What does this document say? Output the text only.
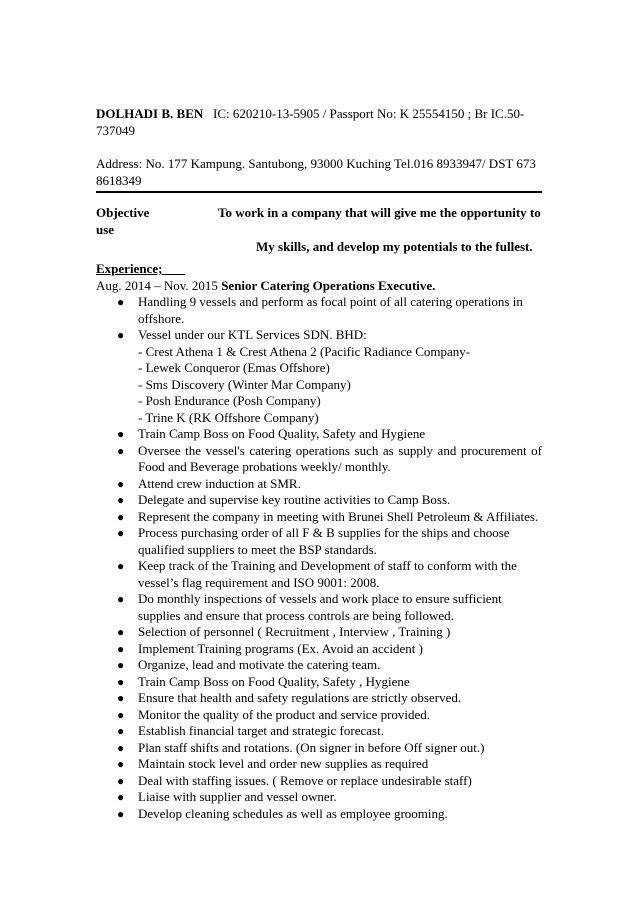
DOLHADI B. BEN IC: 620210-13-5905 / Passport No: K 25554150 ; Br IC.50-737049

Address: No. 177 Kampung. Santubong, 93000 Kuching Tel.016 8933947/ DST 673 8618349

Objective	To work in a company that will give me the opportunity to
use
My skills, and develop my potentials to the fullest.
Experience;
Aug. 2014 – Nov. 2015 Senior Catering Operations Executive.
● Handling 9 vessels and perform as focal point of all catering operations in offshore.
● Vessel under our KTL Services SDN. BHD:
- Crest Athena 1 & Crest Athena 2 (Pacific Radiance Company-
- Lewek Conqueror (Emas Offshore)
- Sms Discovery (Winter Mar Company)
- Posh Endurance (Posh Company)
- Trine K (RK Offshore Company)
● Train Camp Boss on Food Quality, Safety and Hygiene
● Oversee the vessel's catering operations such as supply and procurement of Food and Beverage probations weekly/ monthly.
● Attend crew induction at SMR.
● Delegate and supervise key routine activities to Camp Boss.
● Represent the company in meeting with Brunei Shell Petroleum & Affiliates.
● Process purchasing order of all F & B supplies for the ships and choose qualified suppliers to meet the BSP standards.
● Keep track of the Training and Development of staff to conform with the vessel’s flag requirement and ISO 9001: 2008.
● Do monthly inspections of vessels and work place to ensure sufficient supplies and ensure that process controls are being followed.
● Selection of personnel ( Recruitment , Interview , Training )
● Implement Training programs (Ex. Avoid an accident )
● Organize, lead and motivate the catering team.
● Train Camp Boss on Food Quality, Safety , Hygiene
● Ensure that health and safety regulations are strictly observed.
● Monitor the quality of the product and service provided.
● Establish financial target and strategic forecast.
● Plan staff shifts and rotations. (On signer in before Off signer out.)
● Maintain stock level and order new supplies as required
● Deal with staffing issues. ( Remove or replace undesirable staff)
● Liaise with supplier and vessel owner.
● Develop cleaning schedules as well as employee grooming.
